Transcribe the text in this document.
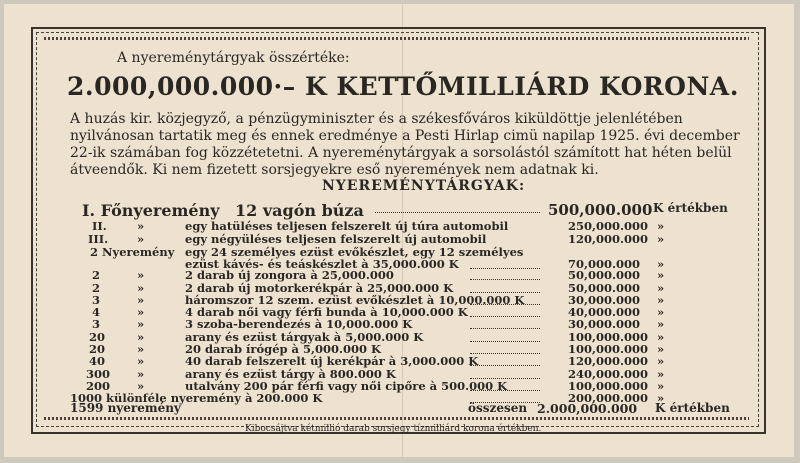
A nyereménytárgyak összértéke:
2.000,000.000·– K KETTŐMILLIÁRD KORONA.
A huzás kir. közjegyző, a pénzügyminiszter és a székesfőváros kiküldöttje jelenlétében
nyilvánosan tartatik meg és ennek eredménye a Pesti Hirlap cimü napilap 1925. évi december
22-ik számában fog közzétetetni. A nyereménytárgyak a sorsolástól számított hat héten belül
átveendők. Ki nem fizetett sorsjegyekre eső nyeremények nem adatnak ki.
NYEREMÉNYTÁRGYAK:
I. Főnyeremény 12 vagón búza	500,000.000 K értékben
II.	»	egy hatüléses teljesen felszerelt új túra automobil	250,000.000 »
III.	»	egy négyüléses teljesen felszerelt új automobil	120,000.000 »
2 Nyeremény egy 24 személyes ezüst evőkészlet, egy 12 személyes
ezüst kávés- és teáskészlet à 35,000.000 K	70,000.000 »
2	»	2 darab új zongora à 25,000.000	50,000.000 »
2	»	2 darab új motorkerékpár à 25,000.000 K	50,000.000 »
3	»	háromszor 12 szem. ezüst evőkészlet à 10,000.000 K	30,000.000 »
4	»	4 darab női vagy férfi bunda à 10,000.000 K	40,000.000 »
3	»	3 szoba-berendezés à 10,000.000 K	30,000.000 »
20	»	arany és ezüst tárgyak à 5,000.000 K	100,000.000 »
20	»	20 darab írógép à 5,000.000 K	100,000.000 »
40	»	40 darab felszerelt új kerékpár à 3,000.000 K	120,000.000 »
300 »	arany és ezüst tárgy à 800.000 K	240,000.000 »
200 »	utalvány 200 pár férfi vagy női cipőre à 500.000 K	100,000.000 »
1000 különféle nyeremény à 200.000 K	200,000.000 »
1599 nyeremény	összesen 2.000,000.000 K értékben
Kibocsájtva kétmillió darab sorsjegy tízmilliárd korona értékben.
